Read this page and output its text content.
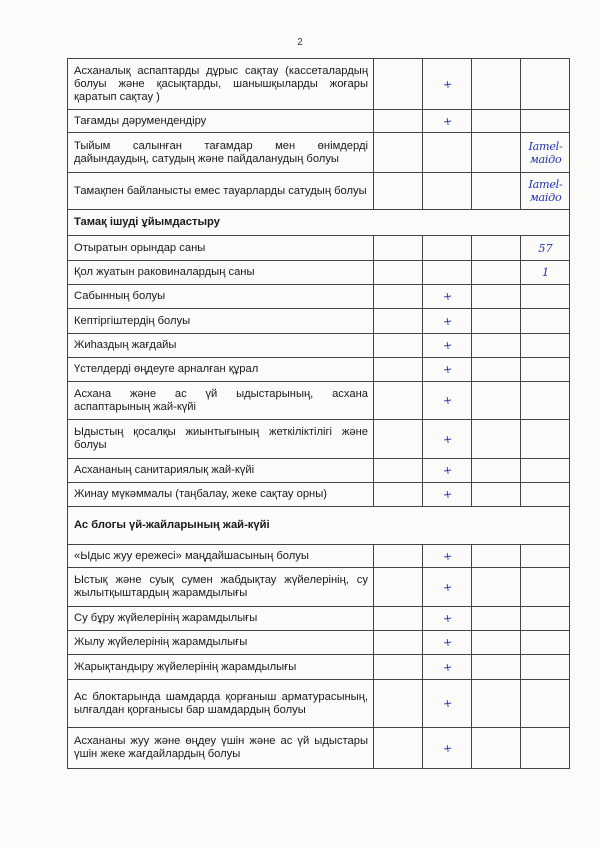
2
Асханалық аспаптарды дұрыс сақтау (кассеталардың болуы және қасықтарды, шанышқыларды жоғары қаратып сақтау )		+		
Тағамды дәрумендендіру		+		
Тыйым салынған тағамдар мен өнімдерді дайындаудың, сатудың және пайдаланудың болуы				Iamel-маiдо
Тамақпен байланысты емес тауарларды сатудың болуы				Iamel-маiдо
Тамақ ішуді ұйымдастыру				
Отыратын орындар саны				57
Қол жуатын раковиналардың саны				1
Сабынның болуы		+		
Кептіргіштердің болуы		+		
Жиһаздың жағдайы		+		
Үстелдерді өңдеуге арналған құрал		+		
Асхана және ас үй ыдыстарының, асхана аспаптарының жай-күйі		+		
Ыдыстың қосалқы жиынтығының жеткіліктілігі және болуы		+		
Асхананың санитариялық жай-күйі		+		
Жинау мүкәммалы (таңбалау, жеке сақтау орны)		+		
Ас блогы үй-жайларының жай-күйі				
«Ыдыс жуу ережесі» маңдайшасының болуы		+		
Ыстық және суық сумен жабдықтау жүйелерінің, су жылытқыштардың жарамдылығы		+		
Су бұру жүйелерінің жарамдылығы		+		
Жылу жүйелерінің жарамдылығы		+		
Жарықтандыру жүйелерінің жарамдылығы		+		
Ас блоктарында шамдарда қорғаныш арматурасының, ылғалдан қорғанысы бар шамдардың болуы		+		
Асхананы жуу және өңдеу үшін және ас үй ыдыстары үшін жеке жағдайлардың болуы		+		
